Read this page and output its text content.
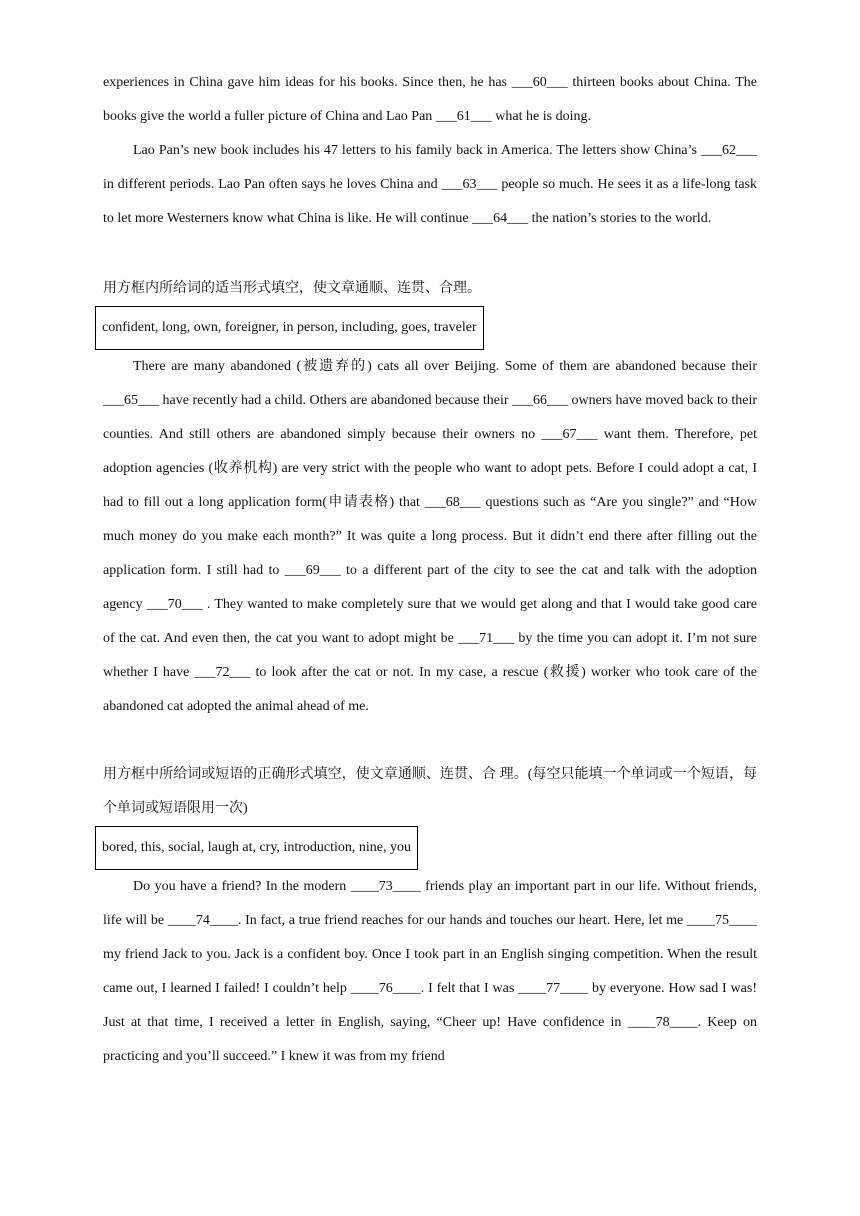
experiences in China gave him ideas for his books. Since then, he has ___60___ thirteen books about China. The books give the world a fuller picture of China and Lao Pan ___61___ what he is doing.

Lao Pan’s new book includes his 47 letters to his family back in America. The letters show China’s ___62___ in different periods. Lao Pan often says he loves China and ___63___ people so much. He sees it as a life-long task to let more Westerners know what China is like. He will continue ___64___ the nation’s stories to the world.

用方框内所给词的适当形式填空，使文章通顺、连贯、合理。

confident, long, own, foreigner, in person, including, goes, traveler

There are many abandoned (被遗弃的) cats all over Beijing. Some of them are abandoned because their ___65___ have recently had a child. Others are abandoned because their ___66___ owners have moved back to their counties. And still others are abandoned simply because their owners no ___67___ want them. Therefore, pet adoption agencies (收养机构) are very strict with the people who want to adopt pets. Before I could adopt a cat, I had to fill out a long application form(申请表格) that ___68___ questions such as “Are you single?” and “How much money do you make each month?” It was quite a long process. But it didn’t end there after filling out the application form. I still had to ___69___ to a different part of the city to see the cat and talk with the adoption agency ___70___ . They wanted to make completely sure that we would get along and that I would take good care of the cat. And even then, the cat you want to adopt might be ___71___ by the time you can adopt it. I’m not sure whether I have ___72___ to look after the cat or not. In my case, a rescue (救援) worker who took care of the abandoned cat adopted the animal ahead of me.

用方框中所给词或短语的正确形式填空，使文章通顺、连贯、合 理。(每空只能填一个单词或一个短语，每个单词或短语限用一次)

bored, this, social, laugh at, cry, introduction, nine, you

Do you have a friend? In the modern ____73____ friends play an important part in our life. Without friends, life will be ____74____. In fact, a true friend reaches for our hands and touches our heart. Here, let me ____75____ my friend Jack to you. Jack is a confident boy. Once I took part in an English singing competition. When the result came out, I learned I failed! I couldn’t help ____76____. I felt that I was ____77____ by everyone. How sad I was! Just at that time, I received a letter in English, saying, “Cheer up! Have confidence in ____78____. Keep on practicing and you’ll succeed.” I knew it was from my friend
